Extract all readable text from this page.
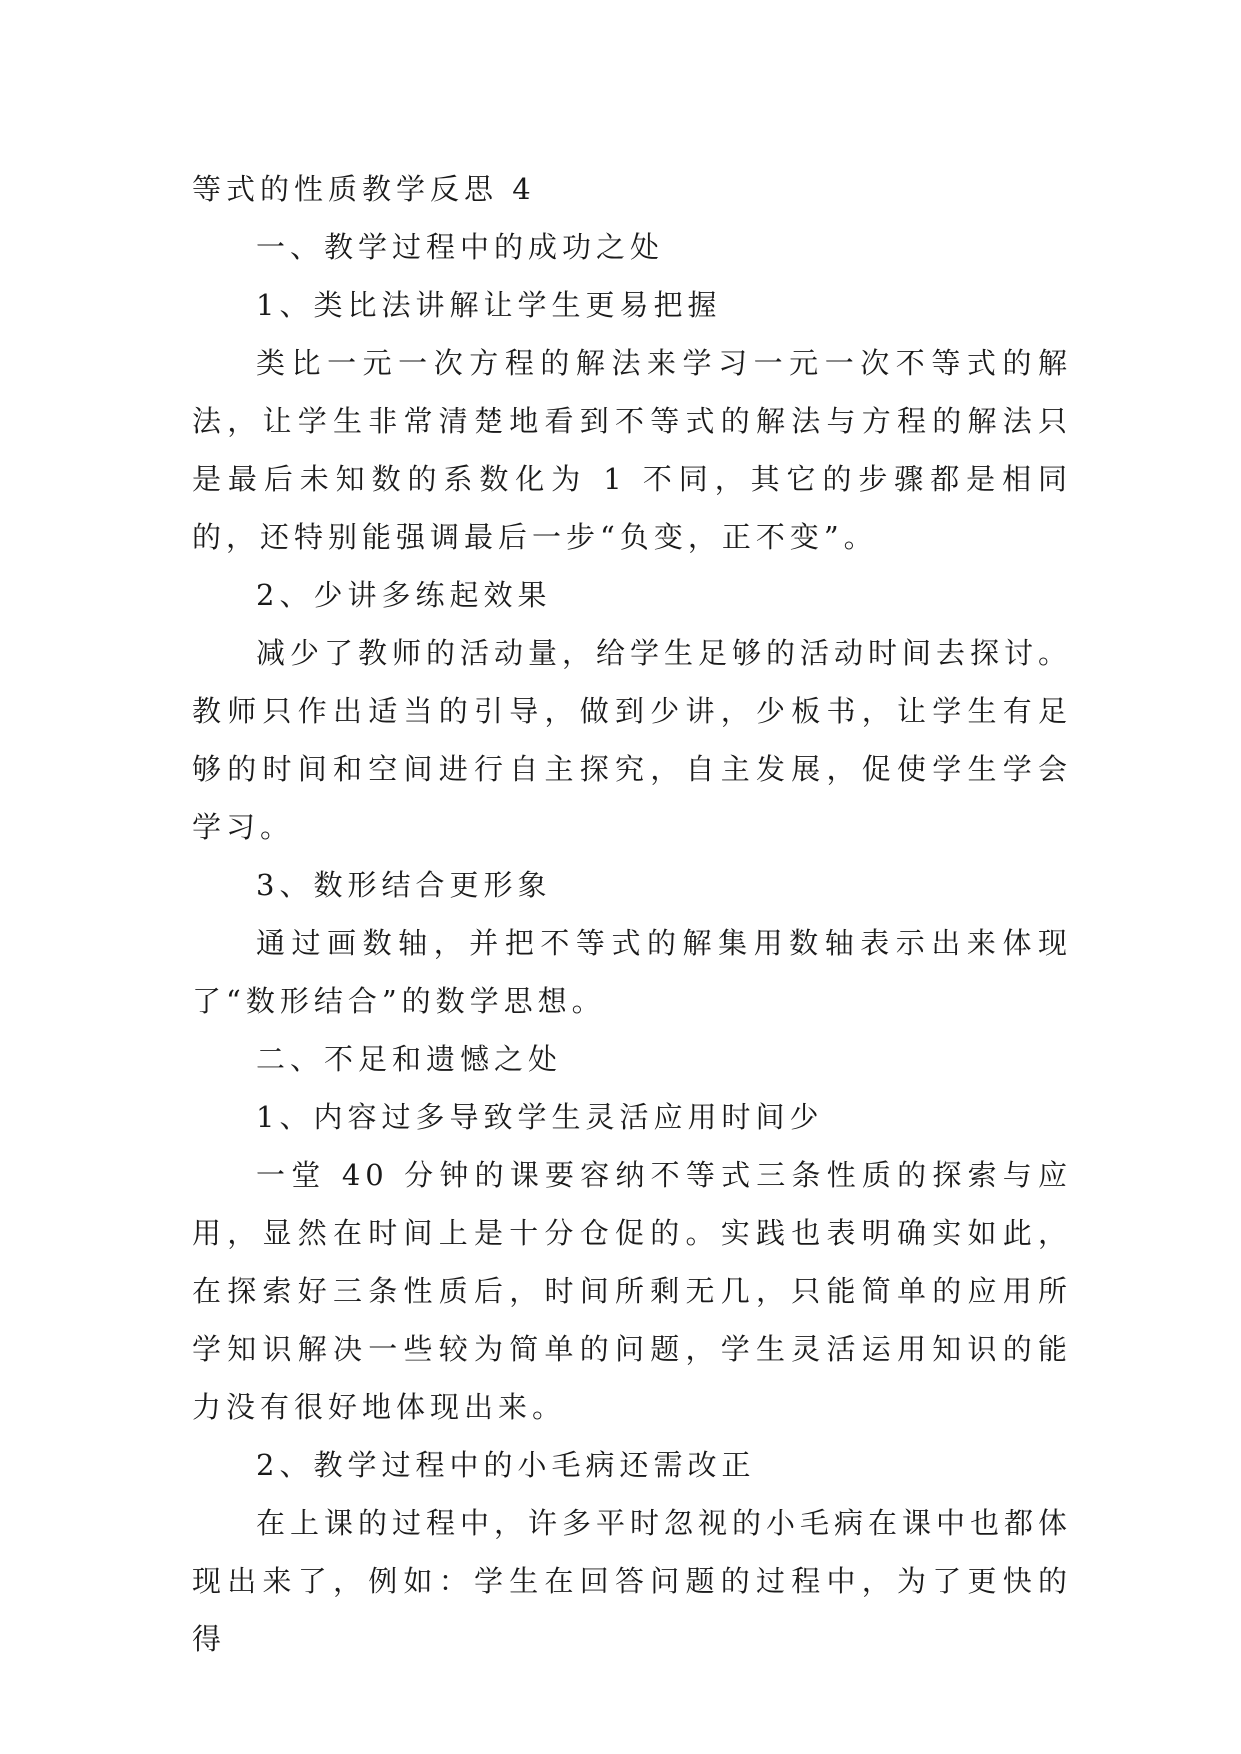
等式的性质教学反思 4
一、教学过程中的成功之处
1、类比法讲解让学生更易把握
类比一元一次方程的解法来学习一元一次不等式的解法，让学生非常清楚地看到不等式的解法与方程的解法只是最后未知数的系数化为 1 不同，其它的步骤都是相同的，还特别能强调最后一步“负变，正不变”。
2、少讲多练起效果
减少了教师的活动量，给学生足够的活动时间去探讨。教师只作出适当的引导，做到少讲，少板书，让学生有足够的时间和空间进行自主探究，自主发展，促使学生学会学习。
3、数形结合更形象
通过画数轴，并把不等式的解集用数轴表示出来体现了“数形结合”的数学思想。
二、不足和遗憾之处
1、内容过多导致学生灵活应用时间少
一堂 40 分钟的课要容纳不等式三条性质的探索与应用，显然在时间上是十分仓促的。实践也表明确实如此，在探索好三条性质后，时间所剩无几，只能简单的应用所学知识解决一些较为简单的问题，学生灵活运用知识的能力没有很好地体现出来。
2、教学过程中的小毛病还需改正
在上课的过程中，许多平时忽视的小毛病在课中也都体现出来了，例如：学生在回答问题的过程中，为了更快的得
